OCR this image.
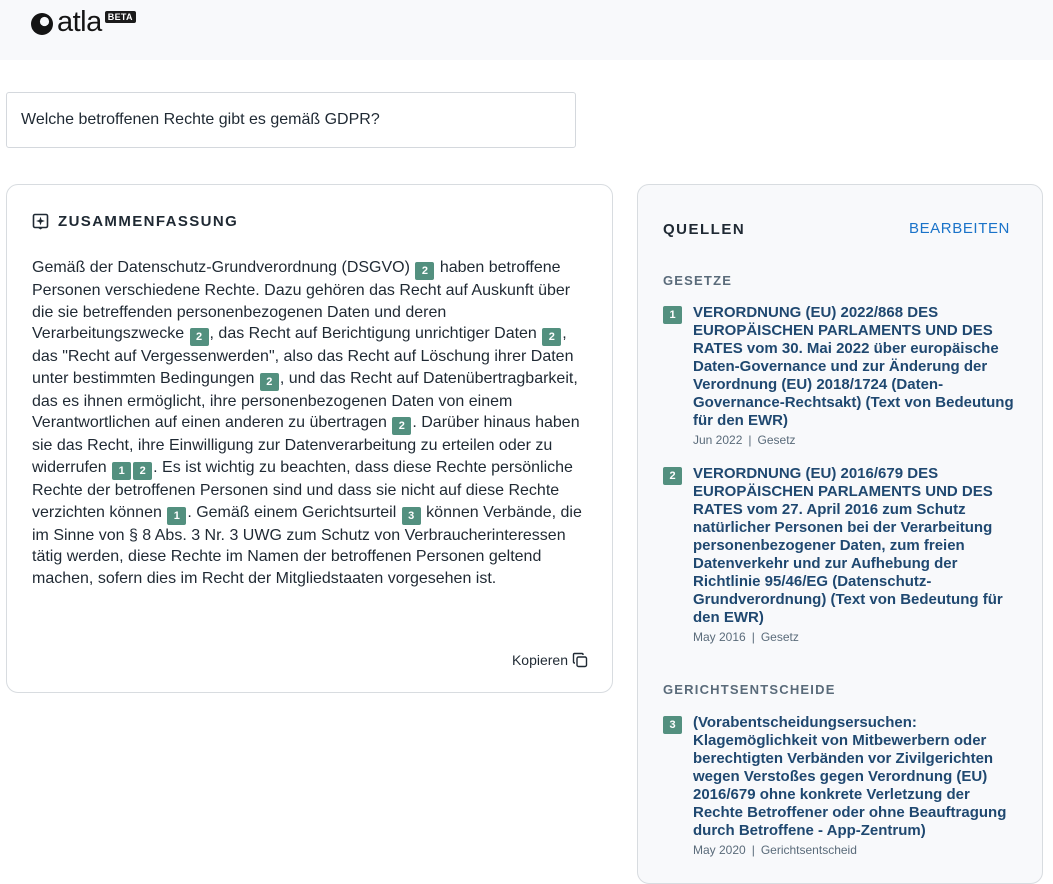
atla BETA
Welche betroffenen Rechte gibt es gemäß GDPR?
ZUSAMMENFASSUNG
Gemäß der Datenschutz-Grundverordnung (DSGVO) 2 haben betroffene Personen verschiedene Rechte. Dazu gehören das Recht auf Auskunft über die sie betreffenden personenbezogenen Daten und deren Verarbeitungszwecke 2 , das Recht auf Berichtigung unrichtiger Daten 2 , das "Recht auf Vergessenwerden", also das Recht auf Löschung ihrer Daten unter bestimmten Bedingungen 2 , und das Recht auf Datenübertragbarkeit, das es ihnen ermöglicht, ihre personenbezogenen Daten von einem Verantwortlichen auf einen anderen zu übertragen 2 . Darüber hinaus haben sie das Recht, ihre Einwilligung zur Datenverarbeitung zu erteilen oder zu widerrufen 1 2 . Es ist wichtig zu beachten, dass diese Rechte persönliche Rechte der betroffenen Personen sind und dass sie nicht auf diese Rechte verzichten können 1 . Gemäß einem Gerichtsurteil 3 können Verbände, die im Sinne von § 8 Abs. 3 Nr. 3 UWG zum Schutz von Verbraucherinteressen tätig werden, diese Rechte im Namen der betroffenen Personen geltend machen, sofern dies im Recht der Mitgliedstaaten vorgesehen ist.
Kopieren
QUELLEN	BEARBEITEN
GESETZE
1	VERORDNUNG (EU) 2022/868 DES EUROPÄISCHEN PARLAMENTS UND DES RATES vom 30. Mai 2022 über europäische Daten-Governance und zur Änderung der Verordnung (EU) 2018/1724 (Daten-Governance-Rechtsakt) (Text von Bedeutung für den EWR)
Jun 2022 | Gesetz
2	VERORDNUNG (EU) 2016/679 DES EUROPÄISCHEN PARLAMENTS UND DES RATES vom 27. April 2016 zum Schutz natürlicher Personen bei der Verarbeitung personenbezogener Daten, zum freien Datenverkehr und zur Aufhebung der Richtlinie 95/46/EG (Datenschutz-Grundverordnung) (Text von Bedeutung für den EWR)
May 2016 | Gesetz
GERICHTSENTSCHEIDE
3	(Vorabentscheidungsersuchen: Klagemöglichkeit von Mitbewerbern oder berechtigten Verbänden vor Zivilgerichten wegen Verstoßes gegen Verordnung (EU) 2016/679 ohne konkrete Verletzung der Rechte Betroffener oder ohne Beauftragung durch Betroffene - App-Zentrum)
May 2020 | Gerichtsentscheid
